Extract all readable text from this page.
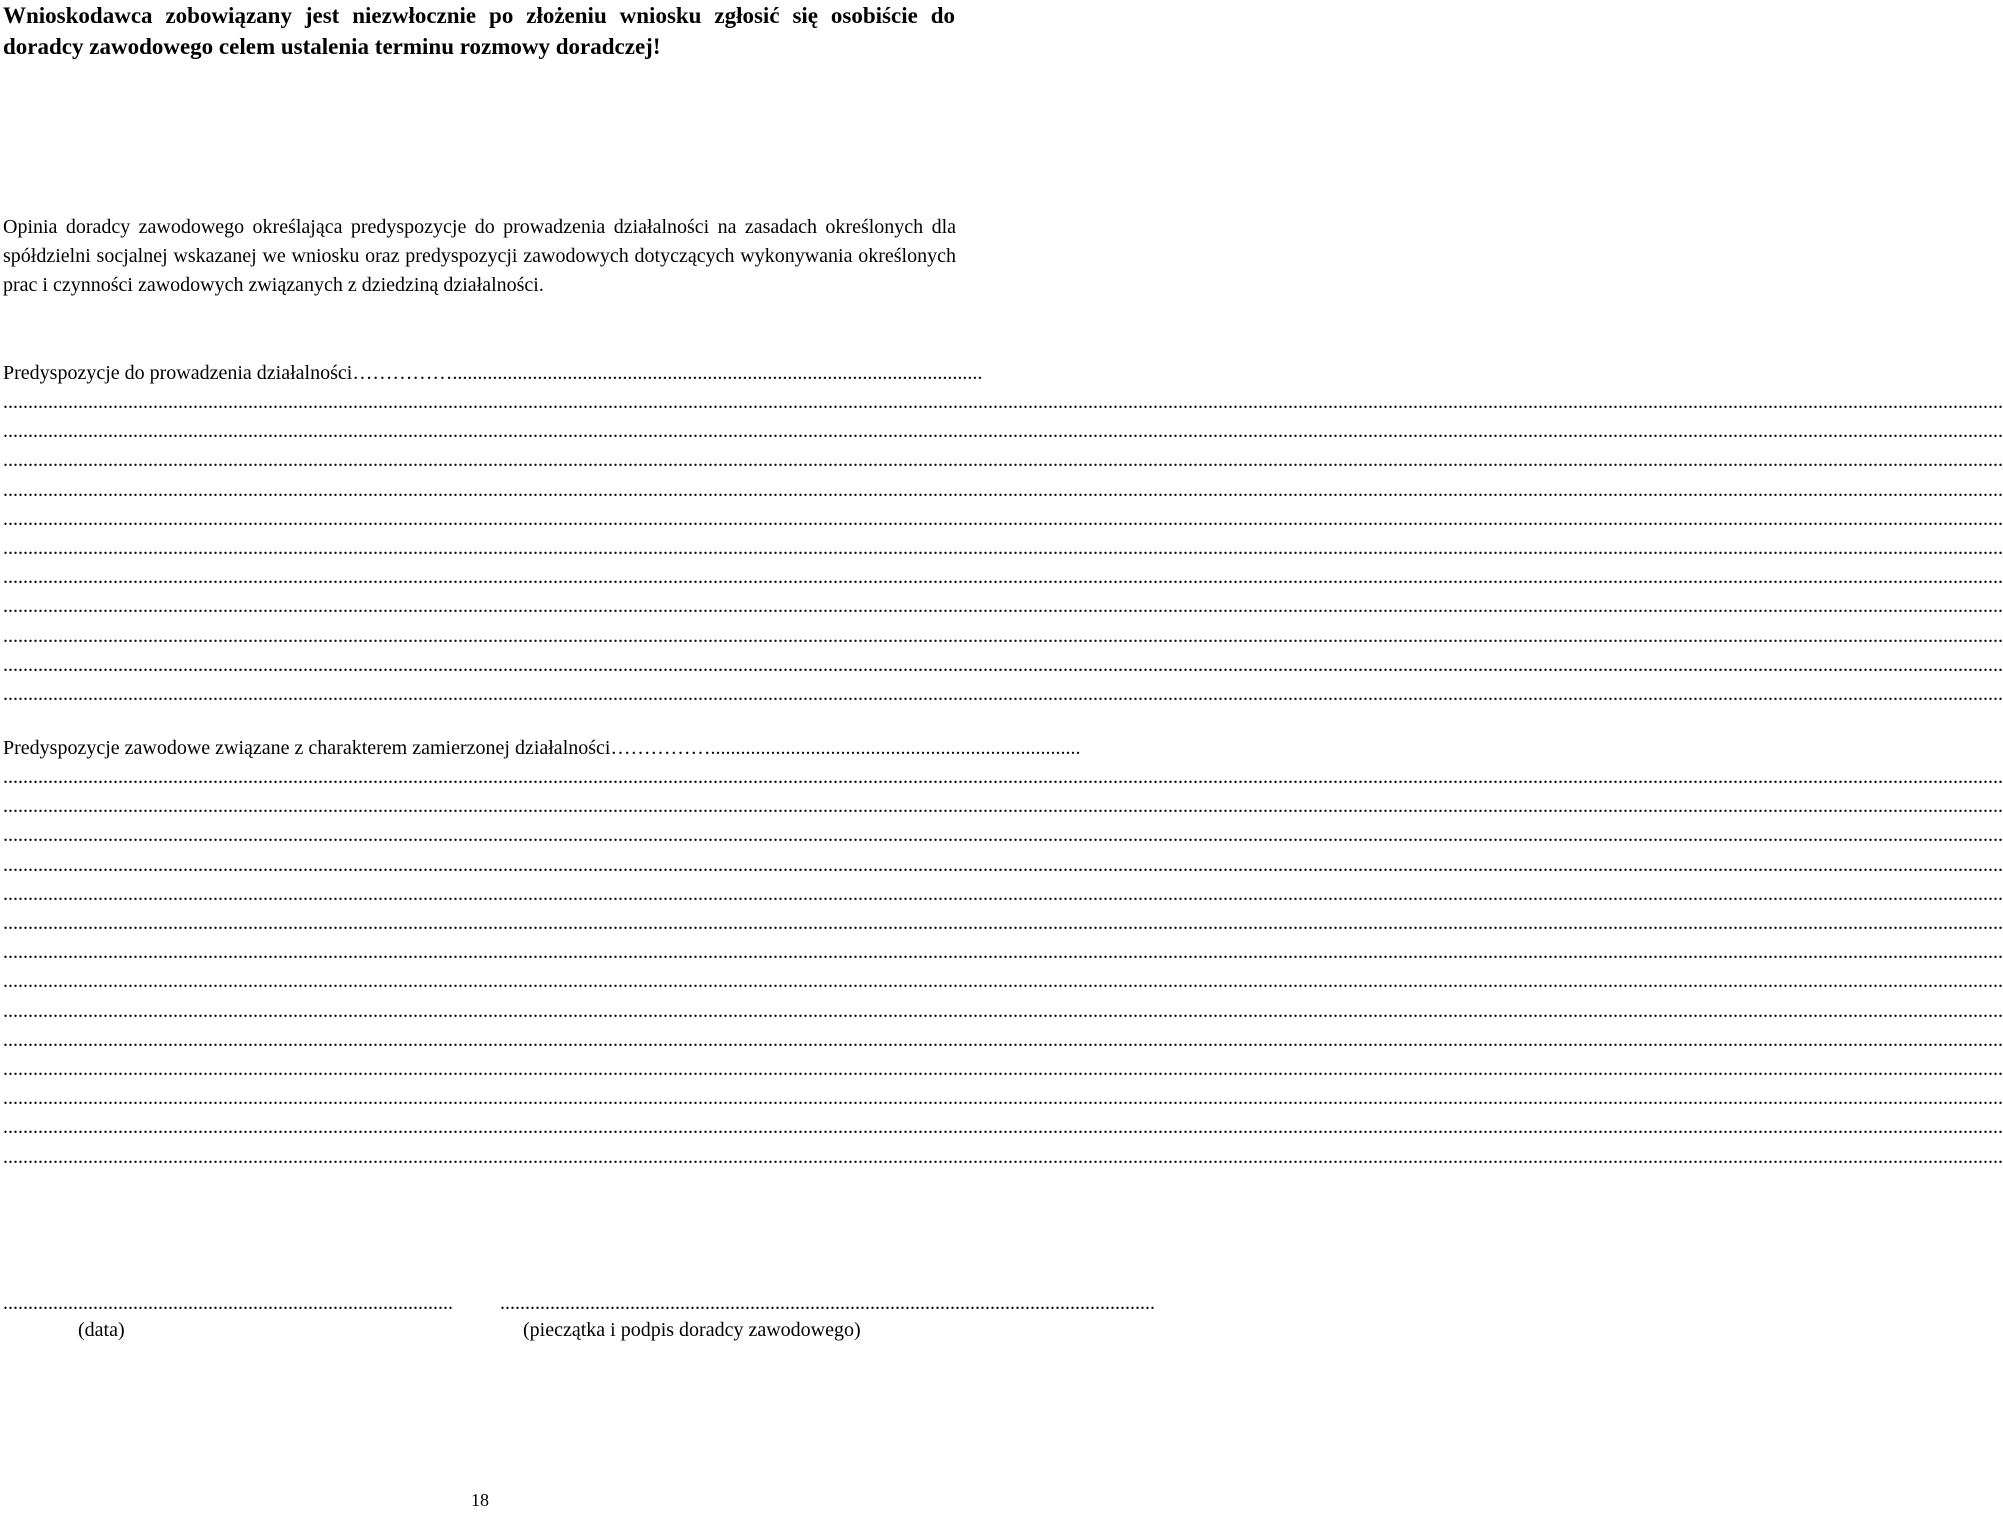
Wnioskodawca zobowiązany jest niezwłocznie po złożeniu wniosku zgłosić się osobiście do doradcy zawodowego celem ustalenia terminu rozmowy doradczej!
Opinia doradcy zawodowego określająca predyspozycje do prowadzenia działalności na zasadach określonych dla spółdzielni socjalnej wskazanej we wniosku oraz predyspozycji zawodowych dotyczących wykonywania określonych prac i czynności zawodowych związanych z dziedziną działalności.
Predyspozycje do prowadzenia działalności……………..........................................................................................................
................................................................................................................................................................................................................................................................................................................................................................................................................
................................................................................................................................................................................................................................................................................................................................................................................................................
................................................................................................................................................................................................................................................................................................................................................................................................................
................................................................................................................................................................................................................................................................................................................................................................................................................
................................................................................................................................................................................................................................................................................................................................................................................................................
................................................................................................................................................................................................................................................................................................................................................................................................................
................................................................................................................................................................................................................................................................................................................................................................................................................
................................................................................................................................................................................................................................................................................................................................................................................................................
................................................................................................................................................................................................................................................................................................................................................................................................................
................................................................................................................................................................................................................................................................................................................................................................................................................
................................................................................................................................................................................................................................................................................................................................................................................................................
Predyspozycje zawodowe związane z charakterem zamierzonej działalności……………..........................................................................
................................................................................................................................................................................................................................................................................................................................................................................................................
................................................................................................................................................................................................................................................................................................................................................................................................................
................................................................................................................................................................................................................................................................................................................................................................................................................
................................................................................................................................................................................................................................................................................................................................................................................................................
................................................................................................................................................................................................................................................................................................................................................................................................................
................................................................................................................................................................................................................................................................................................................................................................................................................
................................................................................................................................................................................................................................................................................................................................................................................................................
................................................................................................................................................................................................................................................................................................................................................................................................................
................................................................................................................................................................................................................................................................................................................................................................................................................
................................................................................................................................................................................................................................................................................................................................................................................................................
................................................................................................................................................................................................................................................................................................................................................................................................................
................................................................................................................................................................................................................................................................................................................................................................................................................
................................................................................................................................................................................................................................................................................................................................................................................................................
................................................................................................................................................................................................................................................................................................................................................................................................................
.......................................................................................... ...................................................................................................................................
(data)	(pieczątka i podpis doradcy zawodowego)
18
